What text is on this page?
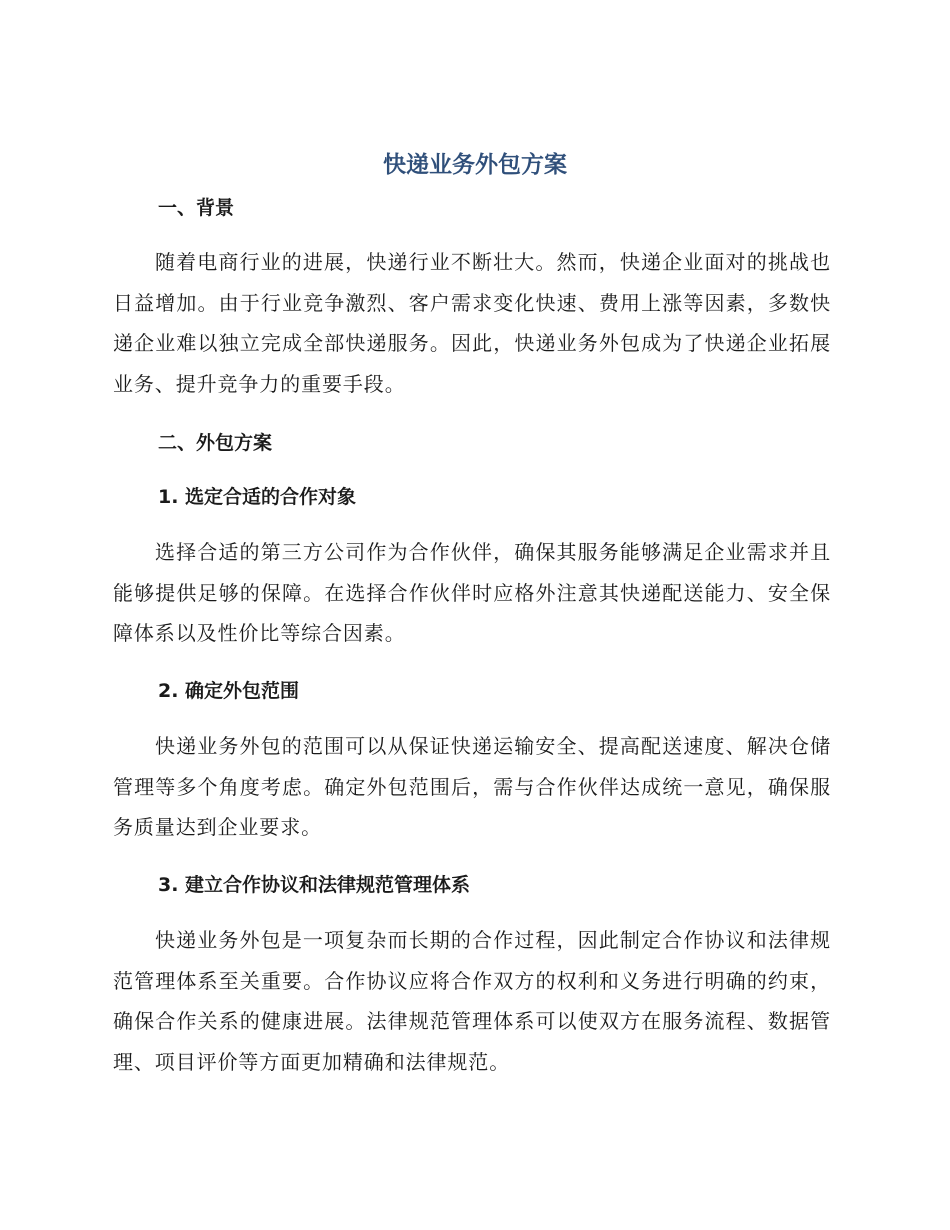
快递业务外包方案
一、背景
随着电商行业的进展，快递行业不断壮大。然而，快递企业面对的挑战也日益增加。由于行业竞争激烈、客户需求变化快速、费用上涨等因素，多数快递企业难以独立完成全部快递服务。因此，快递业务外包成为了快递企业拓展业务、提升竞争力的重要手段。
二、外包方案
1. 选定合适的合作对象
选择合适的第三方公司作为合作伙伴，确保其服务能够满足企业需求并且能够提供足够的保障。在选择合作伙伴时应格外注意其快递配送能力、安全保障体系以及性价比等综合因素。
2. 确定外包范围
快递业务外包的范围可以从保证快递运输安全、提高配送速度、解决仓储管理等多个角度考虑。确定外包范围后，需与合作伙伴达成统一意见，确保服务质量达到企业要求。
3. 建立合作协议和法律规范管理体系
快递业务外包是一项复杂而长期的合作过程，因此制定合作协议和法律规范管理体系至关重要。合作协议应将合作双方的权利和义务进行明确的约束，确保合作关系的健康进展。法律规范管理体系可以使双方在服务流程、数据管理、项目评价等方面更加精确和法律规范。
